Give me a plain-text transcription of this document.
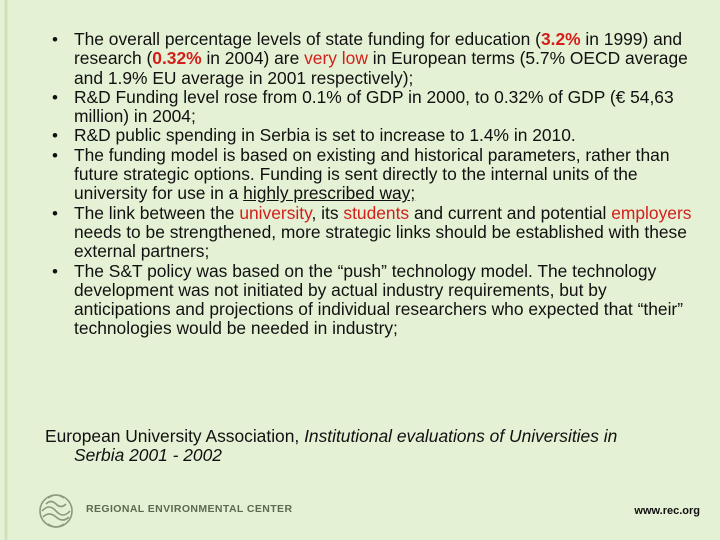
• The overall percentage levels of state funding for education (3.2% in 1999) and research (0.32% in 2004) are very low in European terms (5.7% OECD average and 1.9% EU average in 2001 respectively);
• R&D Funding level rose from 0.1% of GDP in 2000, to 0.32% of GDP (€ 54,63 million) in 2004;
• R&D public spending in Serbia is set to increase to 1.4% in 2010.
• The funding model is based on existing and historical parameters, rather than future strategic options. Funding is sent directly to the internal units of the university for use in a highly prescribed way;
• The link between the university, its students and current and potential employers needs to be strengthened, more strategic links should be established with these external partners;
• The S&T policy was based on the “push” technology model. The technology development was not initiated by actual industry requirements, but by anticipations and projections of individual researchers who expected that “their” technologies would be needed in industry;
European University Association, Institutional evaluations of Universities in
Serbia 2001 - 2002
REGIONAL ENVIRONMENTAL CENTER	www.rec.org
